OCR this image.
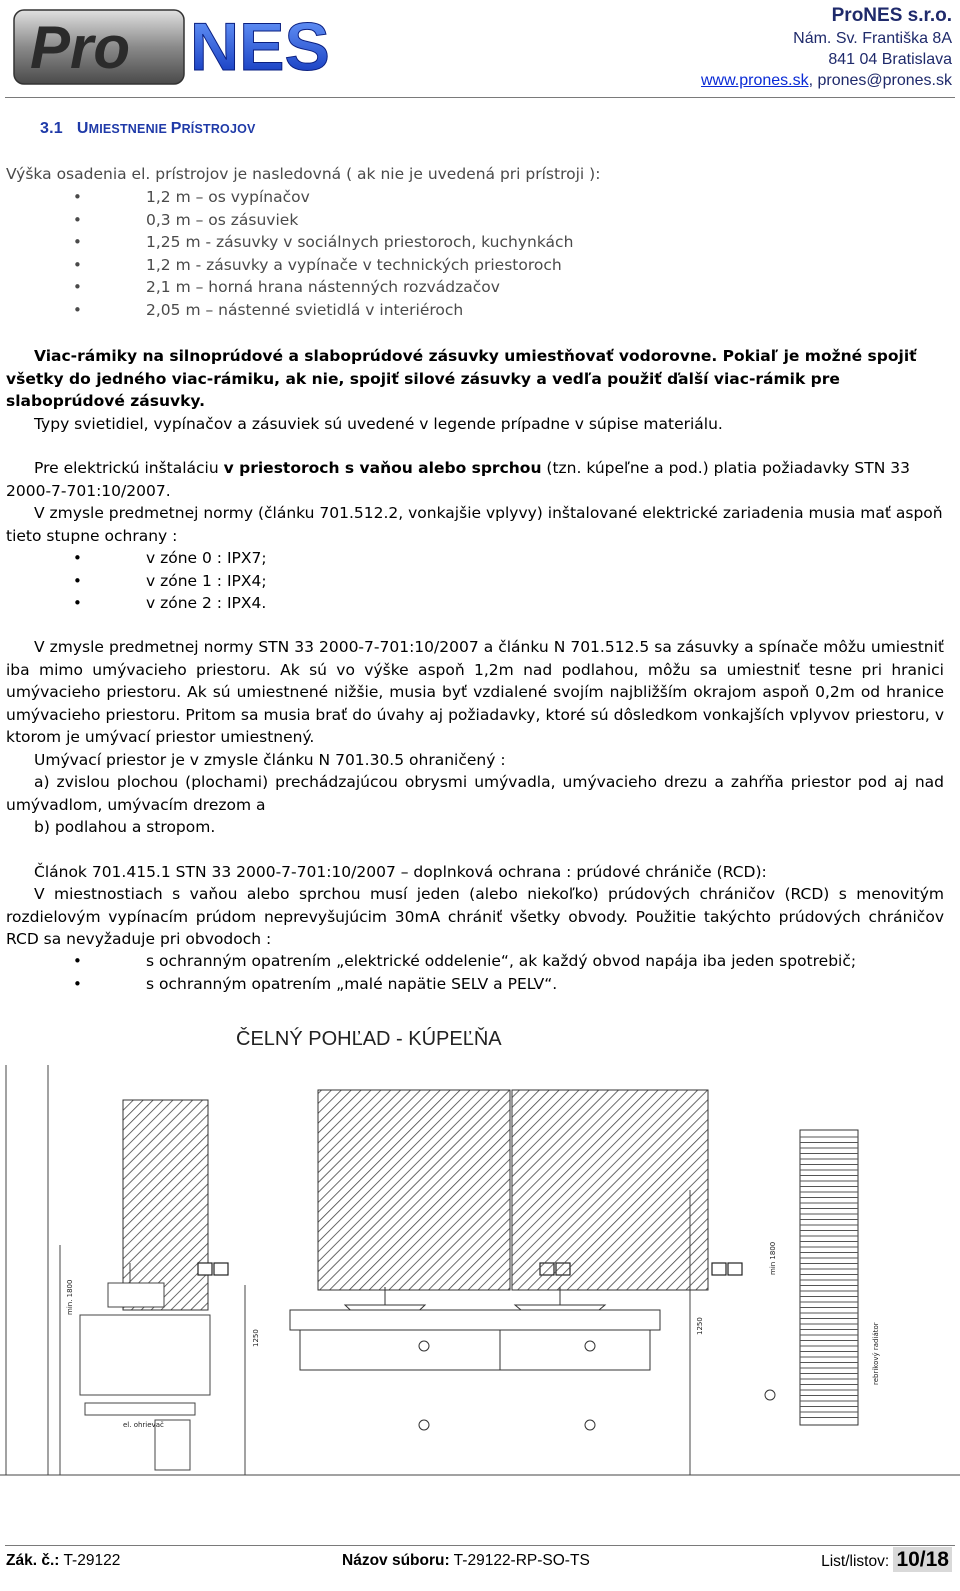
Pro NES	ProNES s.r.o.
Nám. Sv. Františka 8A
841 04 Bratislava
www.prones.sk, prones@prones.sk
3.1 UMIESTNENIE PRÍSTROJOV
Výška osadenia el. prístrojov je nasledovná ( ak nie je uvedená pri prístroji ):
• 1,2 m – os vypínačov
• 0,3 m – os zásuviek
• 1,25 m - zásuvky v sociálnych priestoroch, kuchynkách
• 1,2 m - zásuvky a vypínače v technických priestoroch
• 2,1 m – horná hrana nástenných rozvádzačov
• 2,05 m – nástenné svietidlá v interiéroch
Viac-rámiky na silnoprúdové a slaboprúdové zásuvky umiestňovať vodorovne. Pokiaľ je možné spojiť všetky do jedného viac-rámiku, ak nie, spojiť silové zásuvky a vedľa použiť ďalší viac-rámik pre slaboprúdové zásuvky.
Typy svietidiel, vypínačov a zásuviek sú uvedené v legende prípadne v súpise materiálu.
Pre elektrickú inštaláciu v priestoroch s vaňou alebo sprchou (tzn. kúpeľne a pod.) platia požiadavky STN 33 2000-7-701:10/2007.
V zmysle predmetnej normy (článku 701.512.2, vonkajšie vplyvy) inštalované elektrické zariadenia musia mať aspoň tieto stupne ochrany :
• v zóne 0 : IPX7;
• v zóne 1 : IPX4;
• v zóne 2 : IPX4.
V zmysle predmetnej normy STN 33 2000-7-701:10/2007 a článku N 701.512.5 sa zásuvky a spínače môžu umiestniť iba mimo umývacieho priestoru. Ak sú vo výške aspoň 1,2m nad podlahou, môžu sa umiestniť tesne pri hranici umývacieho priestoru. Ak sú umiestnené nižšie, musia byť vzdialené svojím najbližším okrajom aspoň 0,2m od hranice umývacieho priestoru. Pritom sa musia brať do úvahy aj požiadavky, ktoré sú dôsledkom vonkajších vplyvov priestoru, v ktorom je umývací priestor umiestnený.
Umývací priestor je v zmysle článku N 701.30.5 ohraničený :
a) zvislou plochou (plochami) prechádzajúcou obrysmi umývadla, umývacieho drezu a zahŕňa priestor pod aj nad umývadlom, umývacím drezom a
b) podlahou a stropom.
Článok 701.415.1 STN 33 2000-7-701:10/2007 – doplnková ochrana : prúdové chrániče (RCD):
V miestnostiach s vaňou alebo sprchou musí jeden (alebo niekoľko) prúdových chráničov (RCD) s menovitým rozdielovým vypínacím prúdom neprevyšujúcim 30mA chrániť všetky obvody. Použitie takýchto prúdových chráničov RCD sa nevyžaduje pri obvodoch :
• s ochranným opatrením „elektrické oddelenie“, ak každý obvod napája iba jeden spotrebič;
• s ochranným opatrením „malé napätie SELV a PELV“.
ČELNÝ POHĽAD - KÚPEĽŇA
el. ohrievač
min. 1800
1250
1250
min 1800
rebríkový radiátor
Zák. č.: T-29122	Názov súboru: T-29122-RP-SO-TS	List/listov: 10/18
